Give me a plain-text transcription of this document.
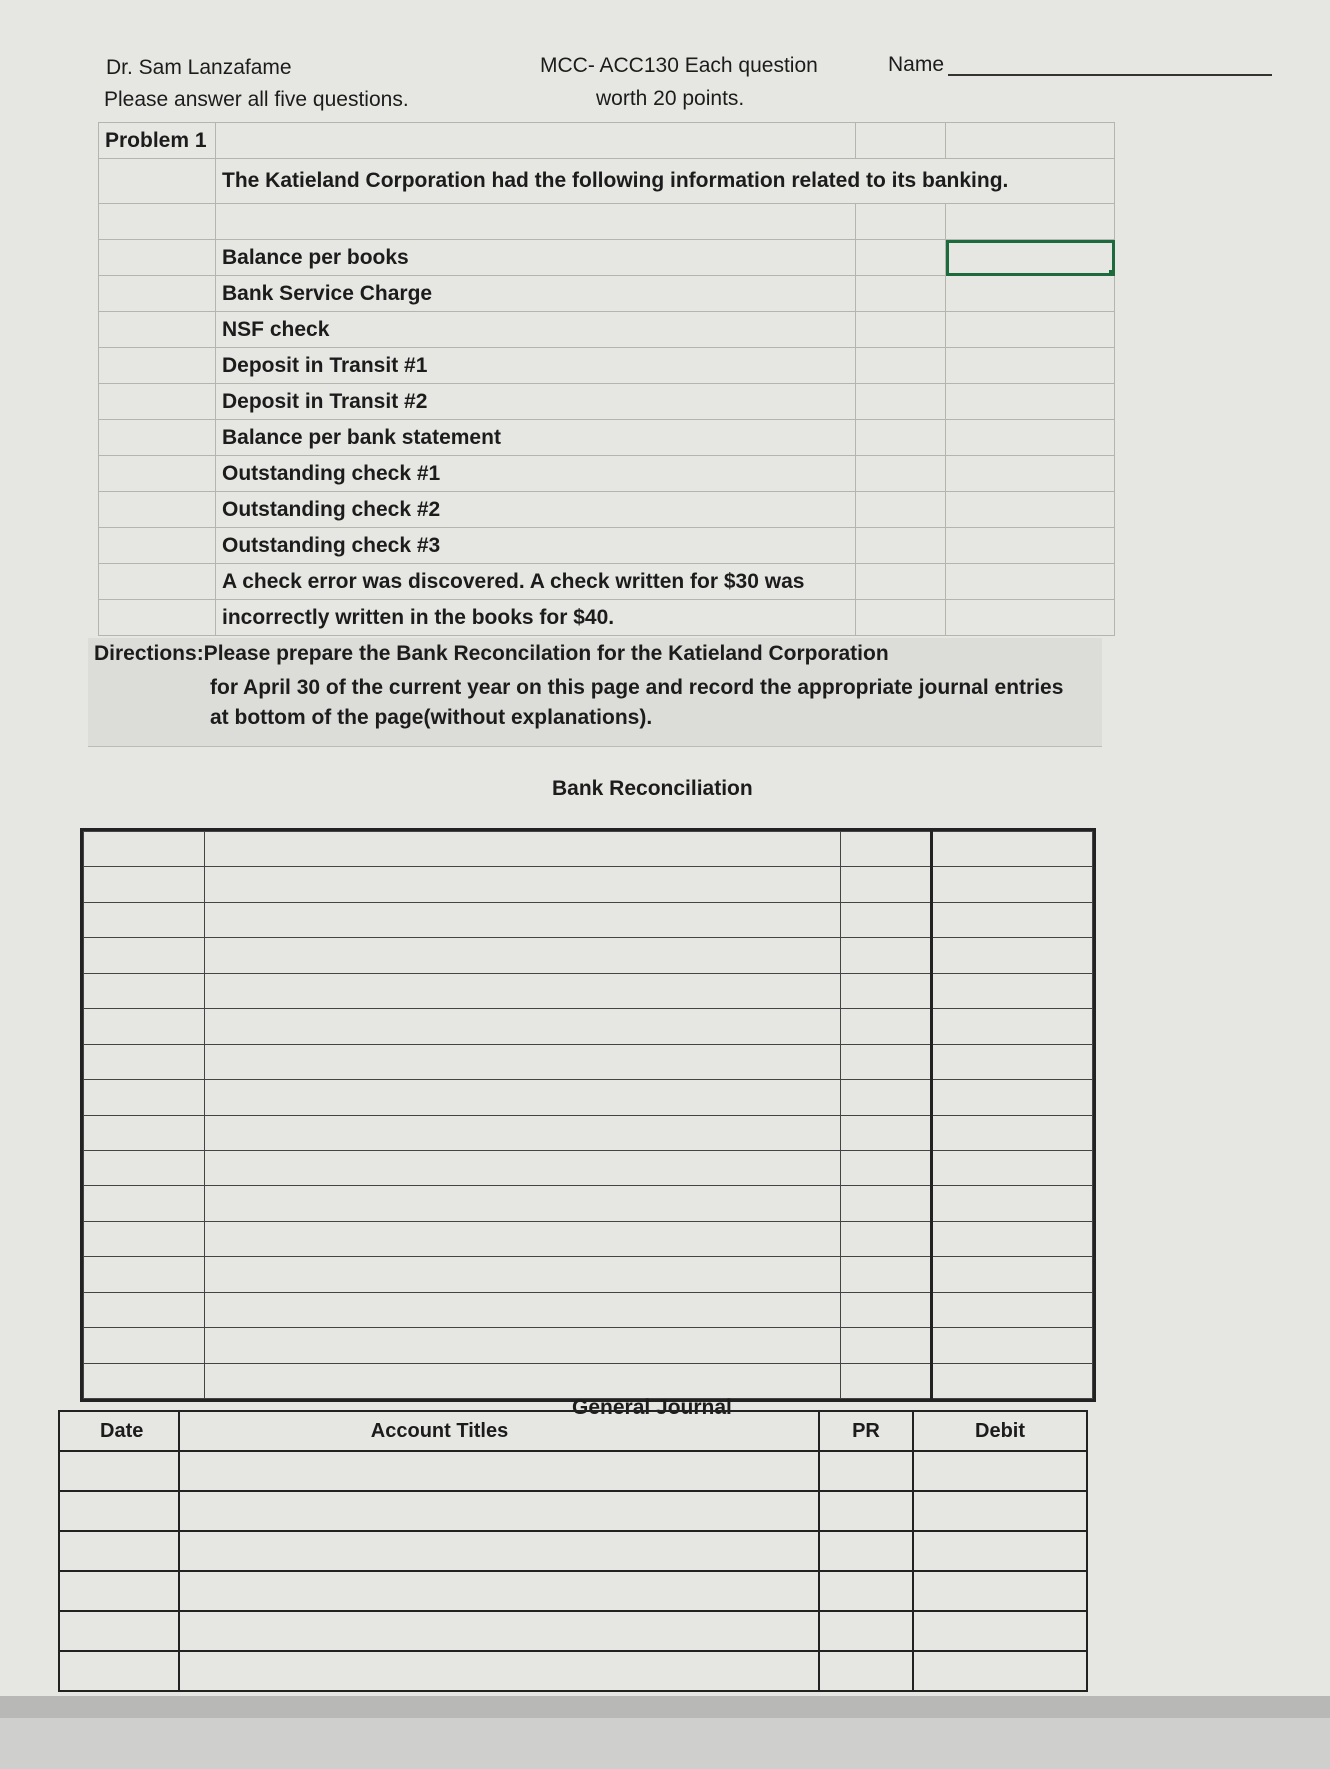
Dr. Sam Lanzafame
Please answer all five questions.
MCC- ACC130 Each question
worth 20 points.
Name
Problem 1			
	The Katieland Corporation had the following information related to its banking.		

	Balance per books		

	Bank Service Charge		
	NSF check		
	Deposit in Transit #1		
	Deposit in Transit #2		
	Balance per bank statement		
	Outstanding check #1		
	Outstanding check #2		
	Outstanding check #3		
	A check error was discovered. A check written for $30 was		
	incorrectly written in the books for $40.		
Directions:Please prepare the Bank Reconcilation for the Katieland Corporation
for April 30 of the current year on this page and record the appropriate journal entries
at bottom of the page(without explanations).
Bank Reconciliation

General Journal
Date	Account Titles	PR	Debit
